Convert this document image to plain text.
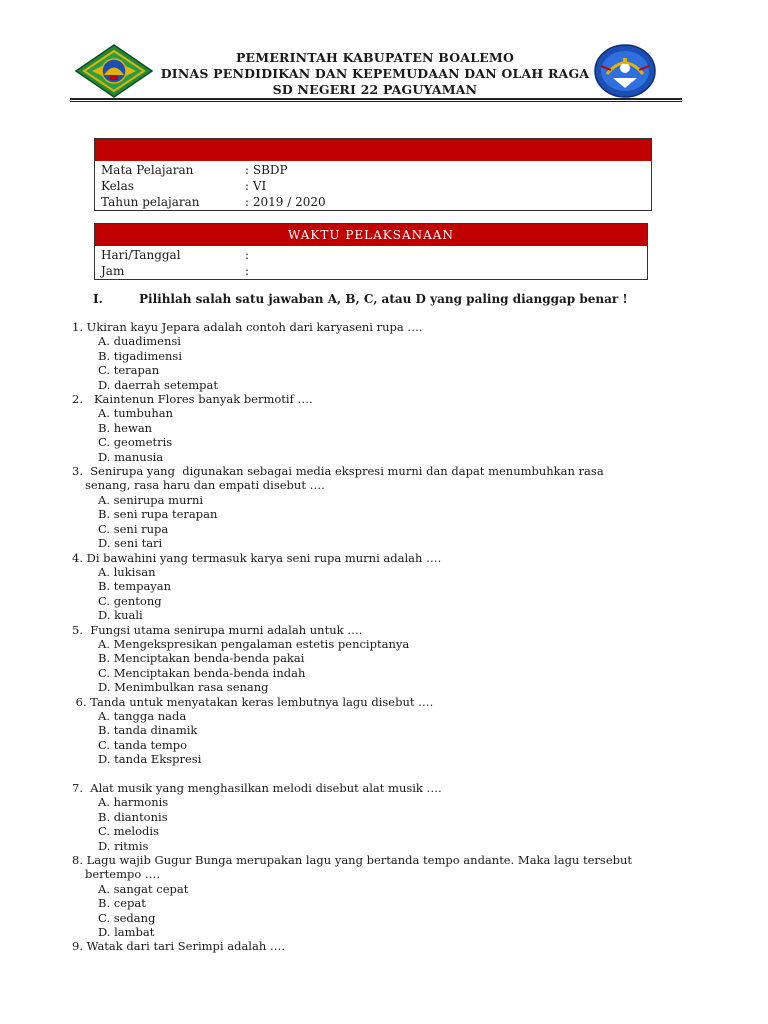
PEMERINTAH KABUPATEN BOALEMO
DINAS PENDIDIKAN DAN KEPEMUDAAN DAN OLAH RAGA
SD NEGERI 22 PAGUYAMAN
Mata Pelajaran	: SBDP
Kelas	: VI
Tahun pelajaran	: 2019 / 2020
WAKTU PELAKSANAAN
Hari/Tanggal	:
Jam	:
I.	Pilihlah salah satu jawaban A, B, C, atau D yang paling dianggap benar !
1. Ukiran kayu Jepara adalah contoh dari karyaseni rupa ….
A. duadimensi
B. tigadimensi
C. terapan
D. daerrah setempat
2.   Kaintenun Flores banyak bermotif ….
A. tumbuhan
B. hewan
C. geometris
D. manusia
3.  Senirupa yang  digunakan sebagai media ekspresi murni dan dapat menumbuhkan rasa
senang, rasa haru dan empati disebut ….
A. senirupa murni
B. seni rupa terapan
C. seni rupa
D. seni tari
4. Di bawahini yang termasuk karya seni rupa murni adalah ….
A. lukisan
B. tempayan
C. gentong
D. kuali
5.  Fungsi utama senirupa murni adalah untuk ….
A. Mengekspresikan pengalaman estetis penciptanya
B. Menciptakan benda-benda pakai
C. Menciptakan benda-benda indah
D. Menimbulkan rasa senang
6. Tanda untuk menyatakan keras lembutnya lagu disebut ….
A. tangga nada
B. tanda dinamik
C. tanda tempo
D. tanda Ekspresi
7.  Alat musik yang menghasilkan melodi disebut alat musik ….
A. harmonis
B. diantonis
C. melodis
D. ritmis
8. Lagu wajib Gugur Bunga merupakan lagu yang bertanda tempo andante. Maka lagu tersebut
bertempo ….
A. sangat cepat
B. cepat
C. sedang
D. lambat
9. Watak dari tari Serimpi adalah ….
